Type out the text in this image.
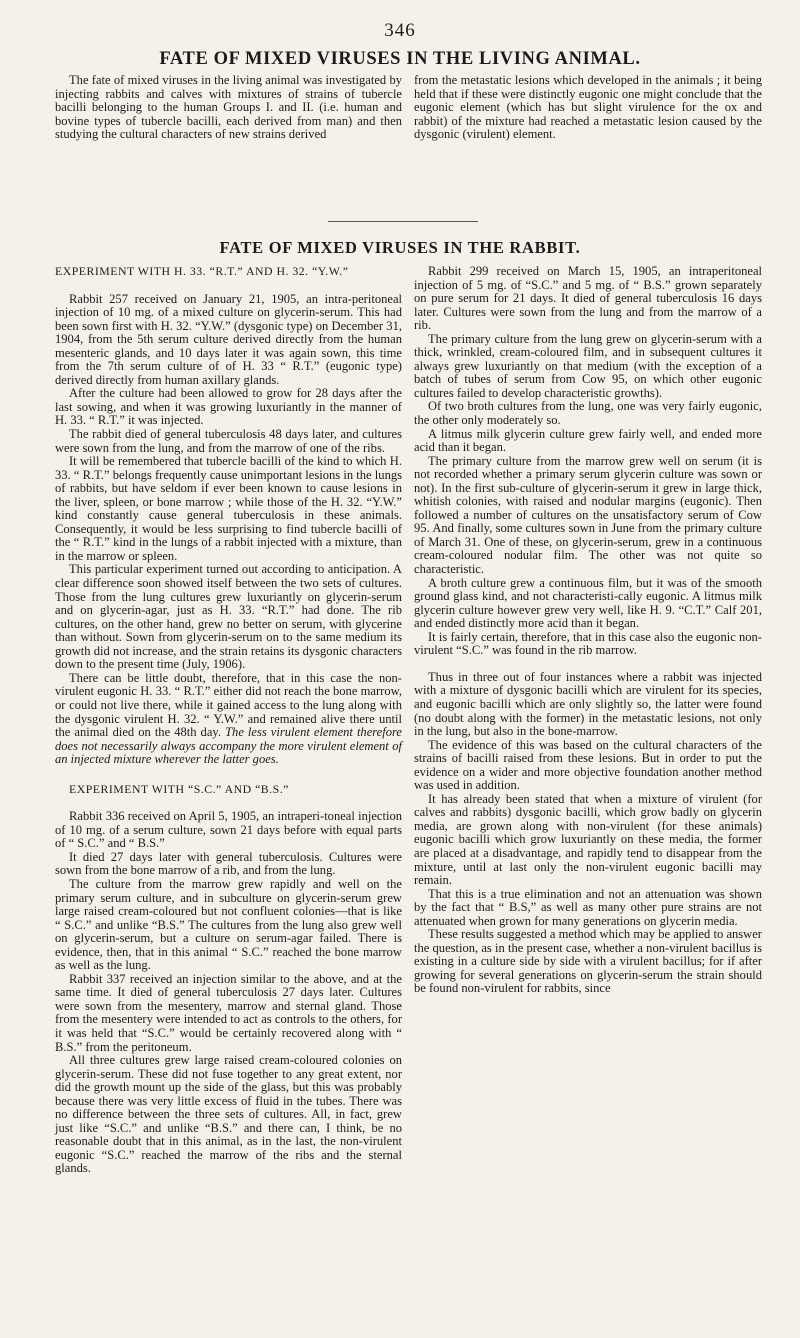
346
FATE OF MIXED VIRUSES IN THE LIVING ANIMAL.

The fate of mixed viruses in the living animal was investigated by injecting rabbits and calves with mixtures of strains of tubercle bacilli belonging to the human Groups I. and II. (i.e. human and bovine types of tubercle bacilli, each derived from man) and then studying the cultural characters of new strains derived

from the metastatic lesions which developed in the animals ; it being held that if these were distinctly eugonic one might conclude that the eugonic element (which has but slight virulence for the ox and rabbit) of the mixture had reached a metastatic lesion caused by the dysgonic (virulent) element.

FATE OF MIXED VIRUSES IN THE RABBIT.
EXPERIMENT WITH H. 33. “R.T.” AND H. 32. “Y.W.”

Rabbit 257 received on January 21, 1905, an intra-peritoneal injection of 10 mg. of a mixed culture on glycerin-serum. This had been sown first with H. 32. “Y.W.” (dysgonic type) on December 31, 1904, from the 5th serum culture derived directly from the human mesenteric glands, and 10 days later it was again sown, this time from the 7th serum culture of of H. 33 “ R.T.” (eugonic type) derived directly from human axillary glands.

After the culture had been allowed to grow for 28 days after the last sowing, and when it was growing luxuriantly in the manner of H. 33. “ R.T.” it was injected.

The rabbit died of general tuberculosis 48 days later, and cultures were sown from the lung, and from the marrow of one of the ribs.

It will be remembered that tubercle bacilli of the kind to which H. 33. “ R.T.” belongs frequently cause unimportant lesions in the lungs of rabbits, but have seldom if ever been known to cause lesions in the liver, spleen, or bone marrow ; while those of the H. 32. “Y.W.” kind constantly cause general tuberculosis in these animals. Consequently, it would be less surprising to find tubercle bacilli of the “ R.T.” kind in the lungs of a rabbit injected with a mixture, than in the marrow or spleen.

This particular experiment turned out according to anticipation. A clear difference soon showed itself between the two sets of cultures. Those from the lung cultures grew luxuriantly on glycerin-serum and on glycerin-agar, just as H. 33. “R.T.” had done. The rib cultures, on the other hand, grew no better on serum, with glycerine than without. Sown from glycerin-serum on to the same medium its growth did not increase, and the strain retains its dysgonic characters down to the present time (July, 1906).

There can be little doubt, therefore, that in this case the non-virulent eugonic H. 33. “ R.T.” either did not reach the bone marrow, or could not live there, while it gained access to the lung along with the dysgonic virulent H. 32. “ Y.W.” and remained alive there until the animal died on the 48th day. The less virulent element therefore does not necessarily always accompany the more virulent element of an injected mixture wherever the latter goes.

EXPERIMENT WITH “S.C.” AND “B.S.”

Rabbit 336 received on April 5, 1905, an intraperi-toneal injection of 10 mg. of a serum culture, sown 21 days before with equal parts of “ S.C.” and “ B.S.”

It died 27 days later with general tuberculosis. Cultures were sown from the bone marrow of a rib, and from the lung.

The culture from the marrow grew rapidly and well on the primary serum culture, and in subculture on glycerin-serum grew large raised cream-coloured but not confluent colonies—that is like “ S.C.” and unlike “B.S.” The cultures from the lung also grew well on glycerin-serum, but a culture on serum-agar failed. There is evidence, then, that in this animal “ S.C.” reached the bone marrow as well as the lung.

Rabbit 337 received an injection similar to the above, and at the same time. It died of general tuberculosis 27 days later. Cultures were sown from the mesentery, marrow and sternal gland. Those from the mesentery were intended to act as controls to the others, for it was held that “S.C.” would be certainly recovered along with “ B.S.” from the peritoneum.

All three cultures grew large raised cream-coloured colonies on glycerin-serum. These did not fuse together to any great extent, nor did the growth mount up the side of the glass, but this was probably because there was very little excess of fluid in the tubes. There was no difference between the three sets of cultures. All, in fact, grew just like “S.C.” and unlike “B.S.” and there can, I think, be no reasonable doubt that in this animal, as in the last, the non-virulent eugonic “S.C.” reached the marrow of the ribs and the sternal glands.

Rabbit 299 received on March 15, 1905, an intraperitoneal injection of 5 mg. of “S.C.” and 5 mg. of “ B.S.” grown separately on pure serum for 21 days. It died of general tuberculosis 16 days later. Cultures were sown from the lung and from the marrow of a rib.

The primary culture from the lung grew on glycerin-serum with a thick, wrinkled, cream-coloured film, and in subsequent cultures it always grew luxuriantly on that medium (with the exception of a batch of tubes of serum from Cow 95, on which other eugonic cultures failed to develop characteristic growths).

Of two broth cultures from the lung, one was very fairly eugonic, the other only moderately so.

A litmus milk glycerin culture grew fairly well, and ended more acid than it began.

The primary culture from the marrow grew well on serum (it is not recorded whether a primary serum glycerin culture was sown or not). In the first sub-culture of glycerin-serum it grew in large thick, whitish colonies, with raised and nodular margins (eugonic). Then followed a number of cultures on the unsatisfactory serum of Cow 95. And finally, some cultures sown in June from the primary culture of March 31. One of these, on glycerin-serum, grew in a continuous cream-coloured nodular film. The other was not quite so characteristic.

A broth culture grew a continuous film, but it was of the smooth ground glass kind, and not characteristi-cally eugonic. A litmus milk glycerin culture however grew very well, like H. 9. “C.T.” Calf 201, and ended distinctly more acid than it began.

It is fairly certain, therefore, that in this case also the eugonic non-virulent “S.C.” was found in the rib marrow.

Thus in three out of four instances where a rabbit was injected with a mixture of dysgonic bacilli which are virulent for its species, and eugonic bacilli which are only slightly so, the latter were found (no doubt along with the former) in the metastatic lesions, not only in the lung, but also in the bone-marrow.

The evidence of this was based on the cultural characters of the strains of bacilli raised from these lesions. But in order to put the evidence on a wider and more objective foundation another method was used in addition.

It has already been stated that when a mixture of virulent (for calves and rabbits) dysgonic bacilli, which grow badly on glycerin media, are grown along with non-virulent (for these animals) eugonic bacilli which grow luxuriantly on these media, the former are placed at a disadvantage, and rapidly tend to disappear from the mixture, until at last only the non-virulent eugonic bacilli may remain.

That this is a true elimination and not an attenuation was shown by the fact that “ B.S,” as well as many other pure strains are not attenuated when grown for many generations on glycerin media.

These results suggested a method which may be applied to answer the question, as in the present case, whether a non-virulent bacillus is existing in a culture side by side with a virulent bacillus; for if after growing for several generations on glycerin-serum the strain should be found non-virulent for rabbits, since
